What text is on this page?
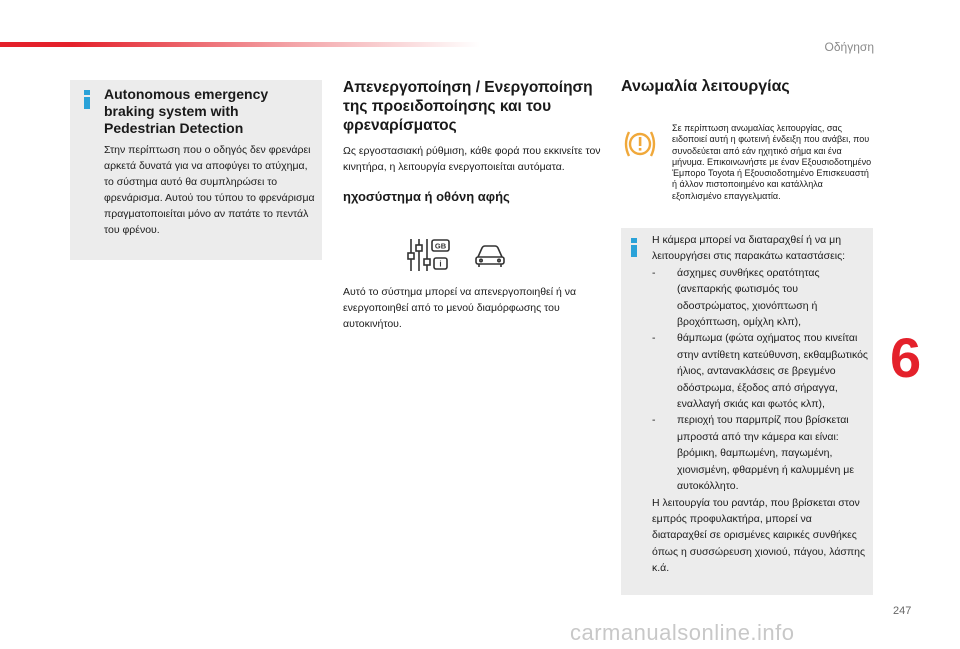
Οδήγηση
Autonomous emergency braking system with Pedestrian Detection

Στην περίπτωση που ο οδηγός δεν φρενάρει αρκετά δυνατά για να αποφύγει το ατύχημα, το σύστημα αυτό θα συμπληρώσει το φρενάρισμα. Αυτού του τύπου το φρενάρισμα πραγματοποιείται μόνο αν πατάτε το πεντάλ του φρένου.

Απενεργοποίηση / Ενεργοποίηση της προειδοποίησης και του φρεναρίσματος

Ως εργοστασιακή ρύθμιση, κάθε φορά που εκκινείτε τον κινητήρα, η λειτουργία ενεργοποιείται αυτόματα.

ηχοσύστημα ή οθόνη αφής
GB
i

Αυτό το σύστημα μπορεί να απενεργοποιηθεί ή να ενεργοποιηθεί από το μενού διαμόρφωσης του αυτοκινήτου.

Ανωμαλία λειτουργίας

Σε περίπτωση ανωμαλίας λειτουργίας, σας ειδοποιεί αυτή η φωτεινή ένδειξη που ανάβει, που συνοδεύεται από εάν ηχητικό σήμα και ένα μήνυμα. Επικοινωνήστε με έναν Εξουσιοδοτημένο Έμπορο Toyota ή Εξουσιοδοτημένο Επισκευαστή ή άλλον πιστοποιημένο και κατάλληλα εξοπλισμένο επαγγελματία.

Η κάμερα μπορεί να διαταραχθεί ή να μη λειτουργήσει στις παρακάτω καταστάσεις:

- άσχημες συνθήκες ορατότητας (ανεπαρκής φωτισμός του οδοστρώματος, χιονόπτωση ή βροχόπτωση, ομίχλη κλπ),
- θάμπωμα (φώτα οχήματος που κινείται στην αντίθετη κατεύθυνση, εκθαμβωτικός ήλιος, αντανακλάσεις σε βρεγμένο οδόστρωμα, έξοδος από σήραγγα, εναλλαγή σκιάς και φωτός κλπ),
- περιοχή του παρμπρίζ που βρίσκεται μπροστά από την κάμερα και είναι: βρόμικη, θαμπωμένη, παγωμένη, χιονισμένη, φθαρμένη ή καλυμμένη με αυτοκόλλητο.

Η λειτουργία του ραντάρ, που βρίσκεται στον εμπρός προφυλακτήρα, μπορεί να διαταραχθεί σε ορισμένες καιρικές συνθήκες όπως η συσσώρευση χιονιού, πάγου, λάσπης κ.ά.

6
247
carmanualsonline.info
